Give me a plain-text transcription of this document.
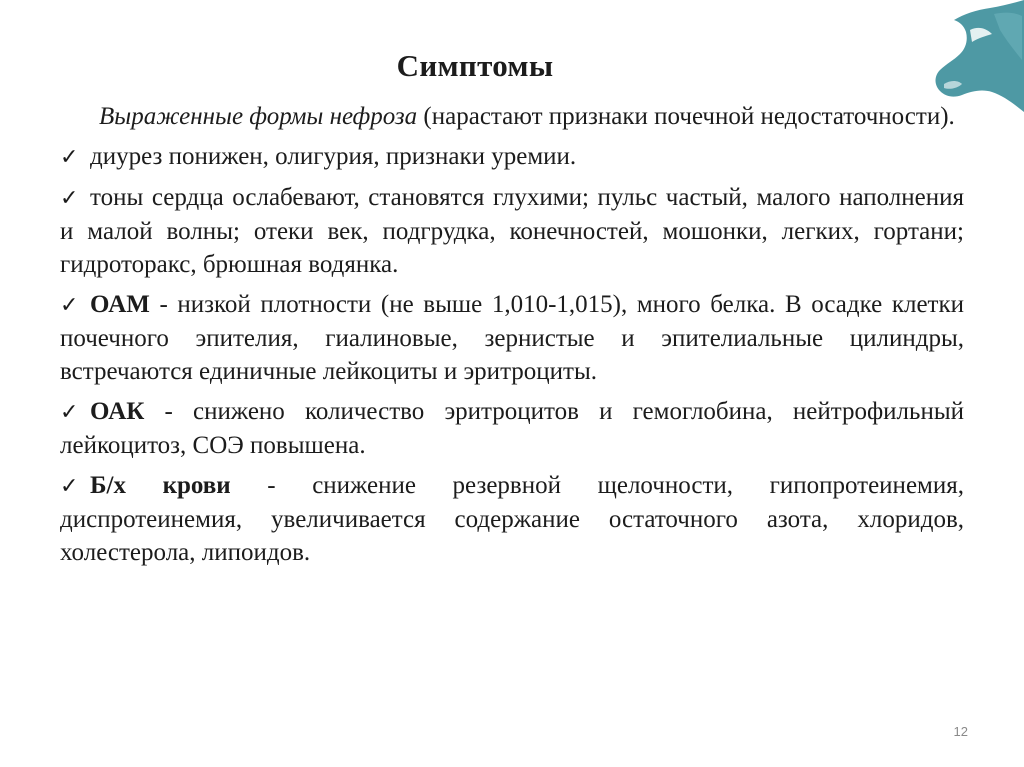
Симптомы

Выраженные формы нефроза (нарастают признаки почечной недостаточности).

✓ диурез понижен, олигурия, признаки уремии.

✓ тоны сердца ослабевают, становятся глухими; пульс частый, малого наполнения и малой волны; отеки век, подгрудка, конечностей, мошонки, легких, гортани; гидроторакс, брюшная водянка.

✓ ОАМ - низкой плотности (не выше 1,010-1,015), много белка. В осадке клетки почечного эпителия, гиалиновые, зернистые и эпителиальные цилиндры, встречаются единичные лейкоциты и эритроциты.

✓ ОАК - снижено количество эритроцитов и гемоглобина, нейтрофильный лейкоцитоз, СОЭ повышена.

✓ Б/х крови - снижение резервной щелочности, гипопротеинемия, диспротеинемия, увеличивается содержание остаточного азота, хлоридов, холестерола, липоидов.

12
